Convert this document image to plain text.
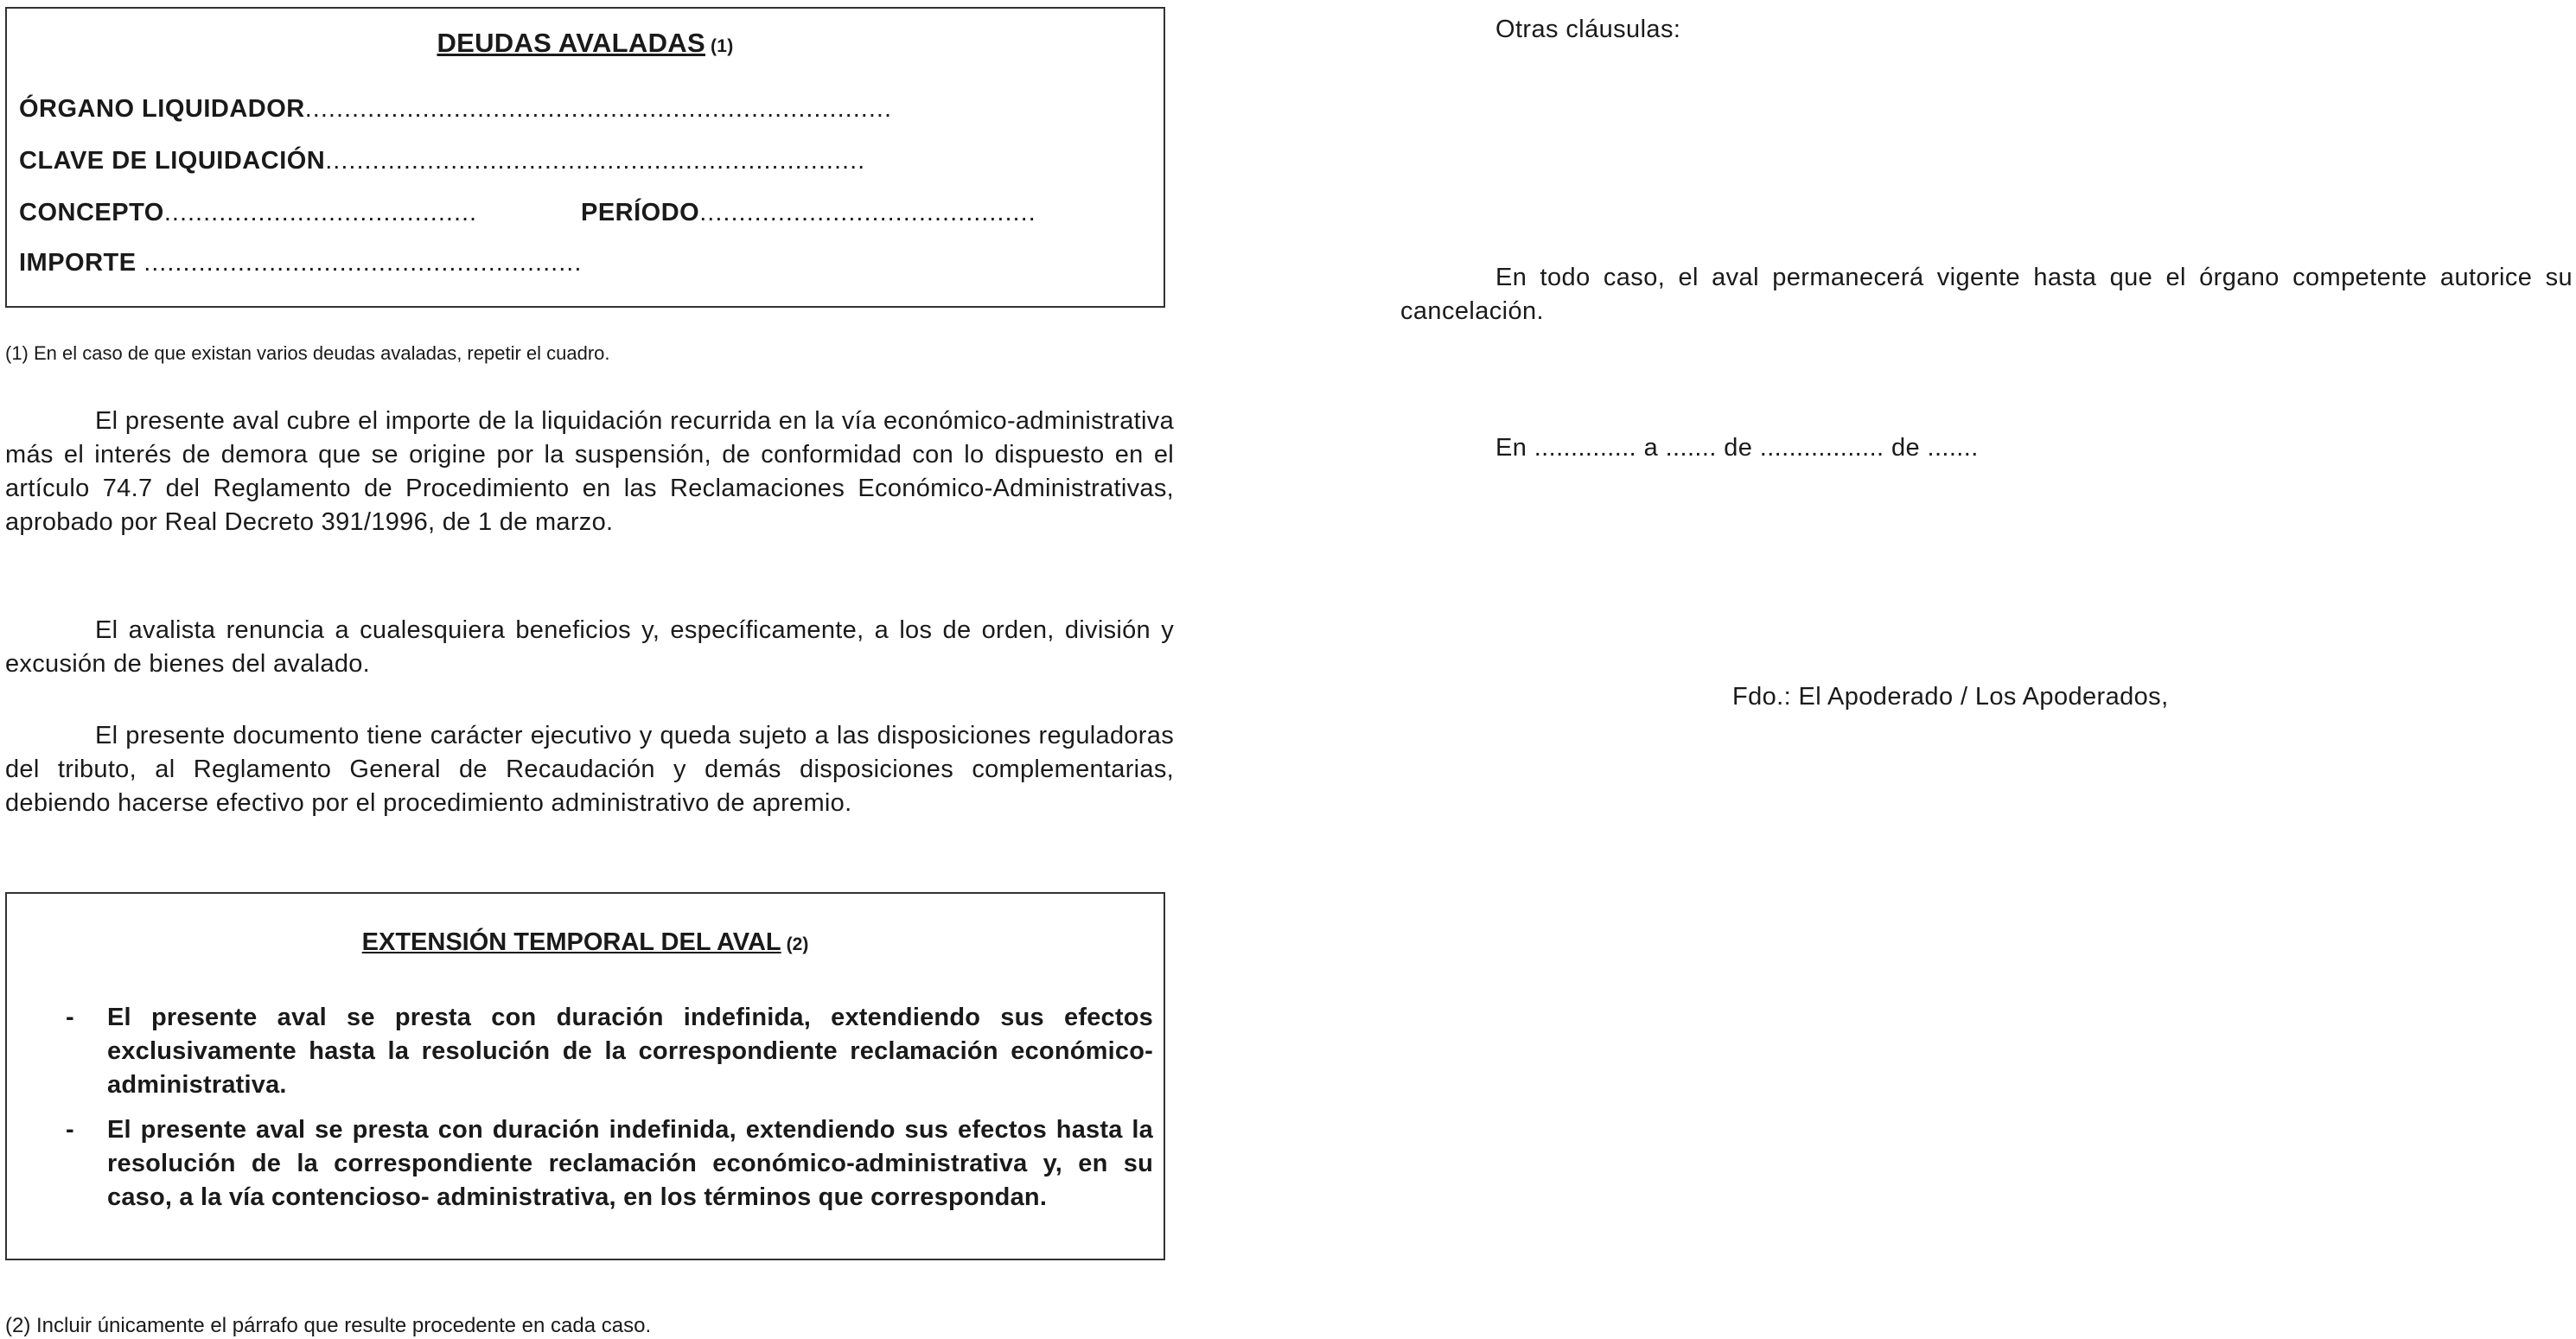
DEUDAS AVALADAS (1)
ÓRGANO LIQUIDADOR...........................................................................
CLAVE DE LIQUIDACIÓN.....................................................................
CONCEPTO........................................	PERÍODO...........................................
IMPORTE ........................................................
(1) En el caso de que existan varios deudas avaladas, repetir el cuadro.
El presente aval cubre el importe de la liquidación recurrida en la vía económico-administrativa más el interés de demora que se origine por la suspensión, de conformidad con lo dispuesto en el artículo 74.7 del Reglamento de Procedimiento en las Reclamaciones Económico-Administrativas, aprobado por Real Decreto 391/1996, de 1 de marzo.
El avalista renuncia a cualesquiera beneficios y, específicamente, a los de orden, división y excusión de bienes del avalado.
El presente documento tiene carácter ejecutivo y queda sujeto a las disposiciones reguladoras del tributo, al Reglamento General de Recaudación y demás disposiciones complementarias, debiendo hacerse efectivo por el procedimiento administrativo de apremio.
EXTENSIÓN TEMPORAL DEL AVAL (2)
- El presente aval se presta con duración indefinida, extendiendo sus efectos exclusivamente hasta la resolución de la correspondiente reclamación económico-administrativa.
- El presente aval se presta con duración indefinida, extendiendo sus efectos hasta la resolución de la correspondiente reclamación económico-administrativa y, en su caso, a la vía contencioso- administrativa, en los términos que correspondan.
(2) Incluir únicamente el párrafo que resulte procedente en cada caso.
Otras cláusulas:
En todo caso, el aval permanecerá vigente hasta que el órgano competente autorice su cancelación.
En .............. a ....... de ................. de .......
Fdo.: El Apoderado / Los Apoderados,
